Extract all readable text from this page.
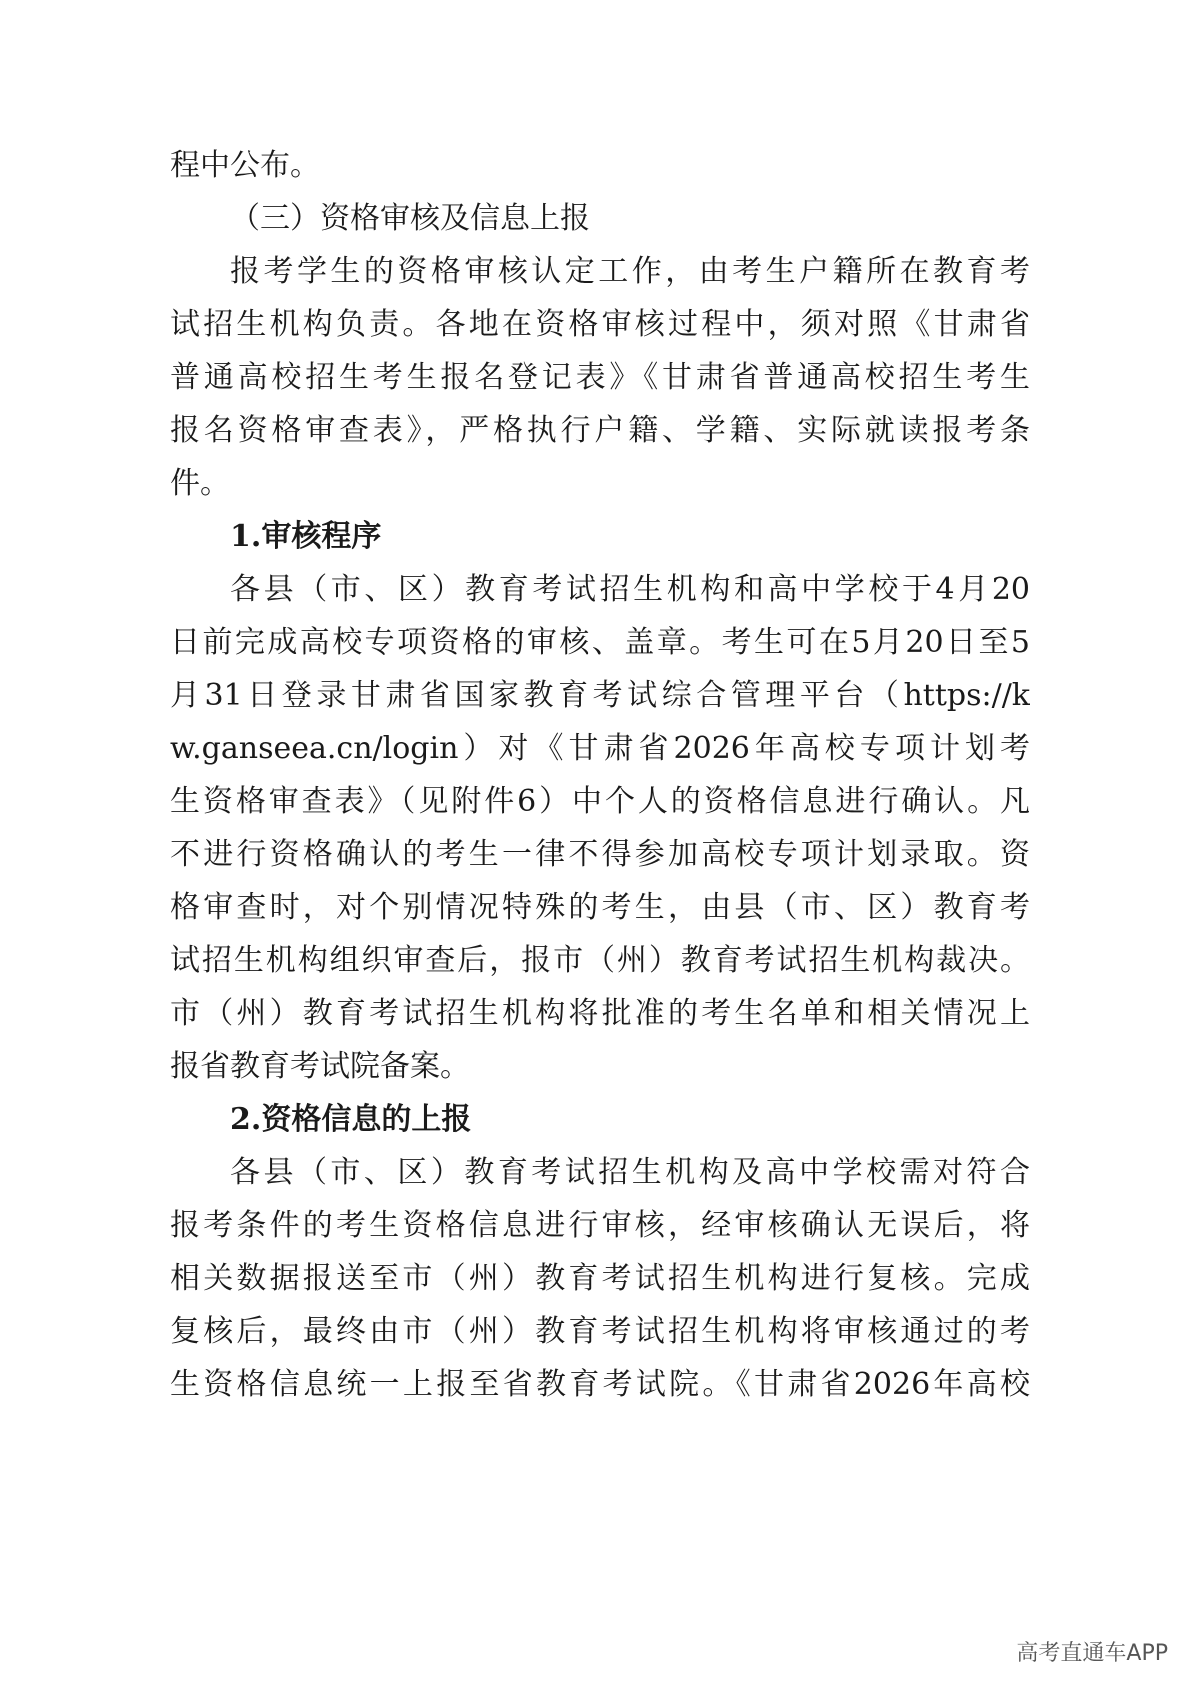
程中公布。
（三）资格审核及信息上报
报考学生的资格审核认定工作，由考生户籍所在教育考
试招生机构负责。各地在资格审核过程中，须对照《甘肃省
普通高校招生考生报名登记表》《甘肃省普通高校招生考生
报名资格审查表》，严格执行户籍、学籍、实际就读报考条
件。
1.审核程序
各县（市、区）教育考试招生机构和高中学校于4月20
日前完成高校专项资格的审核、盖章。考生可在5月20日至5
月31日登录甘肃省国家教育考试综合管理平台（https://k
w.ganseea.cn/login）对《甘肃省2026年高校专项计划考
生资格审查表》（见附件6）中个人的资格信息进行确认。凡
不进行资格确认的考生一律不得参加高校专项计划录取。资
格审查时，对个别情况特殊的考生，由县（市、区）教育考
试招生机构组织审查后，报市（州）教育考试招生机构裁决。
市（州）教育考试招生机构将批准的考生名单和相关情况上
报省教育考试院备案。
2.资格信息的上报
各县（市、区）教育考试招生机构及高中学校需对符合
报考条件的考生资格信息进行审核，经审核确认无误后，将
相关数据报送至市（州）教育考试招生机构进行复核。完成
复核后，最终由市（州）教育考试招生机构将审核通过的考
生资格信息统一上报至省教育考试院。《甘肃省2026年高校
高考直通车APP
